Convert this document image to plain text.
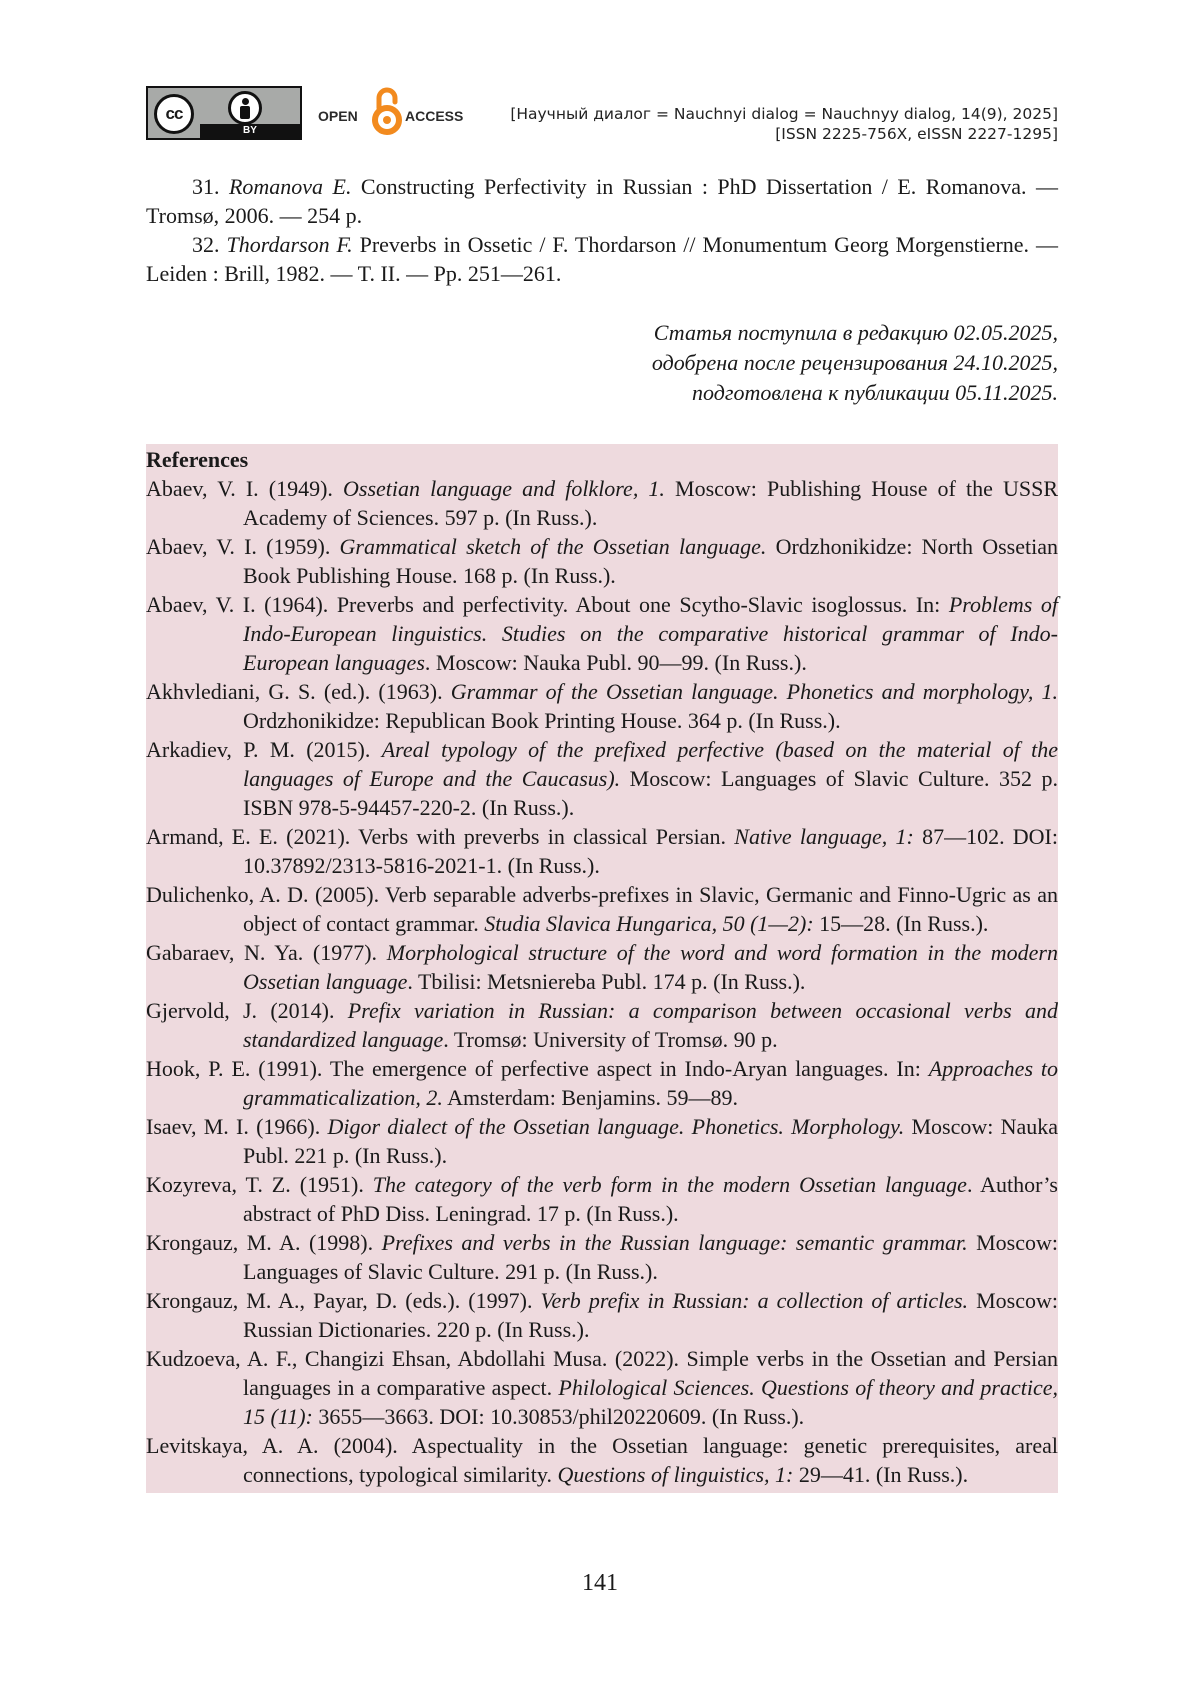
cc
BY
OPEN	ACCESS	[Научный диалог = Nauchnyi dialog = Nauchnyy dialog, 14(9), 2025]
[ISSN 2225-756X, eISSN 2227-1295]

31. Romanova E. Constructing Perfectivity in Russian : PhD Dissertation / E. Romanova. — Tromsø, 2006. — 254 p.

32. Thordarson F. Preverbs in Ossetic / F. Thordarson // Monumentum Georg Morgenstierne. — Leiden : Brill, 1982. — T. II. — Pp. 251—261.

Статья поступила в редакцию 02.05.2025,
одобрена после рецензирования 24.10.2025,
подготовлена к публикации 05.11.2025.

References

Abaev, V. I. (1949). Ossetian language and folklore, 1. Moscow: Publishing House of the USSR Academy of Sciences. 597 p. (In Russ.).

Abaev, V. I. (1959). Grammatical sketch of the Ossetian language. Ordzhonikidze: North Ossetian Book Publishing House. 168 p. (In Russ.).

Abaev, V. I. (1964). Preverbs and perfectivity. About one Scytho-Slavic isoglossus. In: Problems of Indo-European linguistics. Studies on the comparative historical grammar of Indo-European languages. Moscow: Nauka Publ. 90—99. (In Russ.).

Akhvlediani, G. S. (ed.). (1963). Grammar of the Ossetian language. Phonetics and morphology, 1. Ordzhonikidze: Republican Book Printing House. 364 p. (In Russ.).

Arkadiev, P. M. (2015). Areal typology of the prefixed perfective (based on the material of the languages of Europe and the Caucasus). Moscow: Languages of Slavic Culture. 352 p. ISBN 978-5-94457-220-2. (In Russ.).

Armand, E. E. (2021). Verbs with preverbs in classical Persian. Native language, 1: 87—102. DOI: 10.37892/2313-5816-2021-1. (In Russ.).

Dulichenko, A. D. (2005). Verb separable adverbs-prefixes in Slavic, Germanic and Finno-Ugric as an object of contact grammar. Studia Slavica Hungarica, 50 (1—2): 15—28. (In Russ.).

Gabaraev, N. Ya. (1977). Morphological structure of the word and word formation in the modern Ossetian language. Tbilisi: Metsniereba Publ. 174 p. (In Russ.).

Gjervold, J. (2014). Prefix variation in Russian: a comparison between occasional verbs and standardized language. Tromsø: University of Tromsø. 90 p.

Hook, P. E. (1991). The emergence of perfective aspect in Indo-Aryan languages. In: Approaches to grammaticalization, 2. Amsterdam: Benjamins. 59—89.

Isaev, M. I. (1966). Digor dialect of the Ossetian language. Phonetics. Morphology. Moscow: Nauka Publ. 221 p. (In Russ.).

Kozyreva, T. Z. (1951). The category of the verb form in the modern Ossetian language. Author’s abstract of PhD Diss. Leningrad. 17 p. (In Russ.).

Krongauz, M. A. (1998). Prefixes and verbs in the Russian language: semantic grammar. Moscow: Languages of Slavic Culture. 291 p. (In Russ.).

Krongauz, M. A., Payar, D. (eds.). (1997). Verb prefix in Russian: a collection of articles. Moscow: Russian Dictionaries. 220 p. (In Russ.).

Kudzoeva, A. F., Changizi Ehsan, Abdollahi Musa. (2022). Simple verbs in the Ossetian and Persian languages in a comparative aspect. Philological Sciences. Questions of theory and practice, 15 (11): 3655—3663. DOI: 10.30853/phil20220609. (In Russ.).

Levitskaya, A. A. (2004). Aspectuality in the Ossetian language: genetic prerequisites, areal connections, typological similarity. Questions of linguistics, 1: 29—41. (In Russ.).

141
